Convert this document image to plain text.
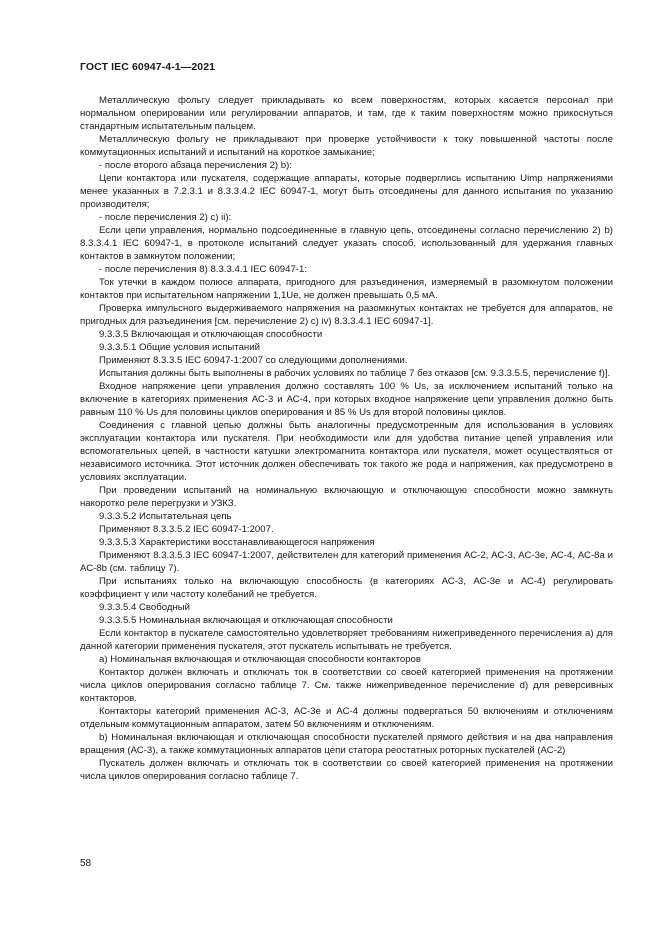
ГОСТ IEC 60947-4-1—2021

Металлическую фольгу следует прикладывать ко всем поверхностям, которых касается персонал при нормальном оперировании или регулировании аппаратов, и там, где к таким поверхностям можно прикоснуться стандартным испытательным пальцем.

Металлическую фольгу не прикладывают при проверке устойчивости к току повышенной частоты после коммутационных испытаний и испытаний на короткое замыкание;

- после второго абзаца перечисления 2) b):

Цепи контактора или пускателя, содержащие аппараты, которые подверглись испытанию Uimp напряжениями менее указанных в 7.2.3.1 и 8.3.3.4.2 IEC 60947-1, могут быть отсоединены для данного испытания по указанию производителя;

- после перечисления 2) c) ii):

Если цепи управления, нормально подсоединенные в главную цепь, отсоединены согласно перечислению 2) b) 8.3.3.4.1 IEC 60947-1, в протоколе испытаний следует указать способ, использованный для удержания главных контактов в замкнутом положении;

- после перечисления 8) 8.3.3.4.1 IEC 60947-1:

Ток утечки в каждом полюсе аппарата, пригодного для разъединения, измеряемый в разомкнутом положении контактов при испытательном напряжении 1,1Ue, не должен превышать 0,5 мА.

Проверка импульсного выдерживаемого напряжения на разомкнутых контактах не требуется для аппаратов, не пригодных для разъединения [см. перечисление 2) c) iv) 8.3.3.4.1 IEC 60947-1].

9.3.3.5 Включающая и отключающая способности

9.3.3.5.1 Общие условия испытаний

Применяют 8.3.3.5 IEC 60947-1:2007 со следующими дополнениями.

Испытания должны быть выполнены в рабочих условиях по таблице 7 без отказов [см. 9.3.3.5.5, перечисление f)].

Входное напряжение цепи управления должно составлять 100 % Us, за исключением испытаний только на включение в категориях применения АС-3 и АС-4, при которых входное напряжение цепи управления должно быть равным 110 % Us для половины циклов оперирования и 85 % Us для второй половины циклов.

Соединения с главной цепью должны быть аналогичны предусмотренным для использования в условиях эксплуатации контактора или пускателя. При необходимости или для удобства питание цепей управления или вспомогательных цепей, в частности катушки электромагнита контактора или пускателя, может осуществляться от независимого источника. Этот источник должен обеспечивать ток такого же рода и напряжения, как предусмотрено в условиях эксплуатации.

При проведении испытаний на номинальную включающую и отключающую способности можно замкнуть накоротко реле перегрузки и УЗКЗ.

9.3.3.5.2 Испытательная цепь

Применяют 8.3.3.5.2 IEC 60947-1:2007.

9.3.3.5.3 Характеристики восстанавливающегося напряжения

Применяют 8.3.3.5.3 IEC 60947-1:2007, действителен для категорий применения АС-2, АС-3, АС-3е, АС-4, АС-8а и АС-8b (см. таблицу 7).

При испытаниях только на включающую способность (в категориях АС-3, АС-3е и АС-4) регулировать коэффициент γ или частоту колебаний не требуется.

9.3.3.5.4 Свободный

9.3.3.5.5 Номинальная включающая и отключающая способности

Если контактор в пускателе самостоятельно удовлетворяет требованиям нижеприведенного перечисления а) для данной категории применения пускателя, этот пускатель испытывать не требуется.

а) Номинальная включающая и отключающая способности контакторов

Контактор должен включать и отключать ток в соответствии со своей категорией применения на протяжении числа циклов оперирования согласно таблице 7. См. также нижеприведенное перечисление d) для реверсивных контакторов.

Контакторы категорий применения АС-3, АС-3е и АС-4 должны подвергаться 50 включениям и отключениям отдельным коммутационным аппаратом, затем 50 включениям и отключениям.

b) Номинальная включающая и отключающая способности пускателей прямого действия и на два направления вращения (АС-3), а также коммутационных аппаратов цепи статора реостатных роторных пускателей (АС-2)

Пускатель должен включать и отключать ток в соответствии со своей категорией применения на протяжении числа циклов оперирования согласно таблице 7.

58
